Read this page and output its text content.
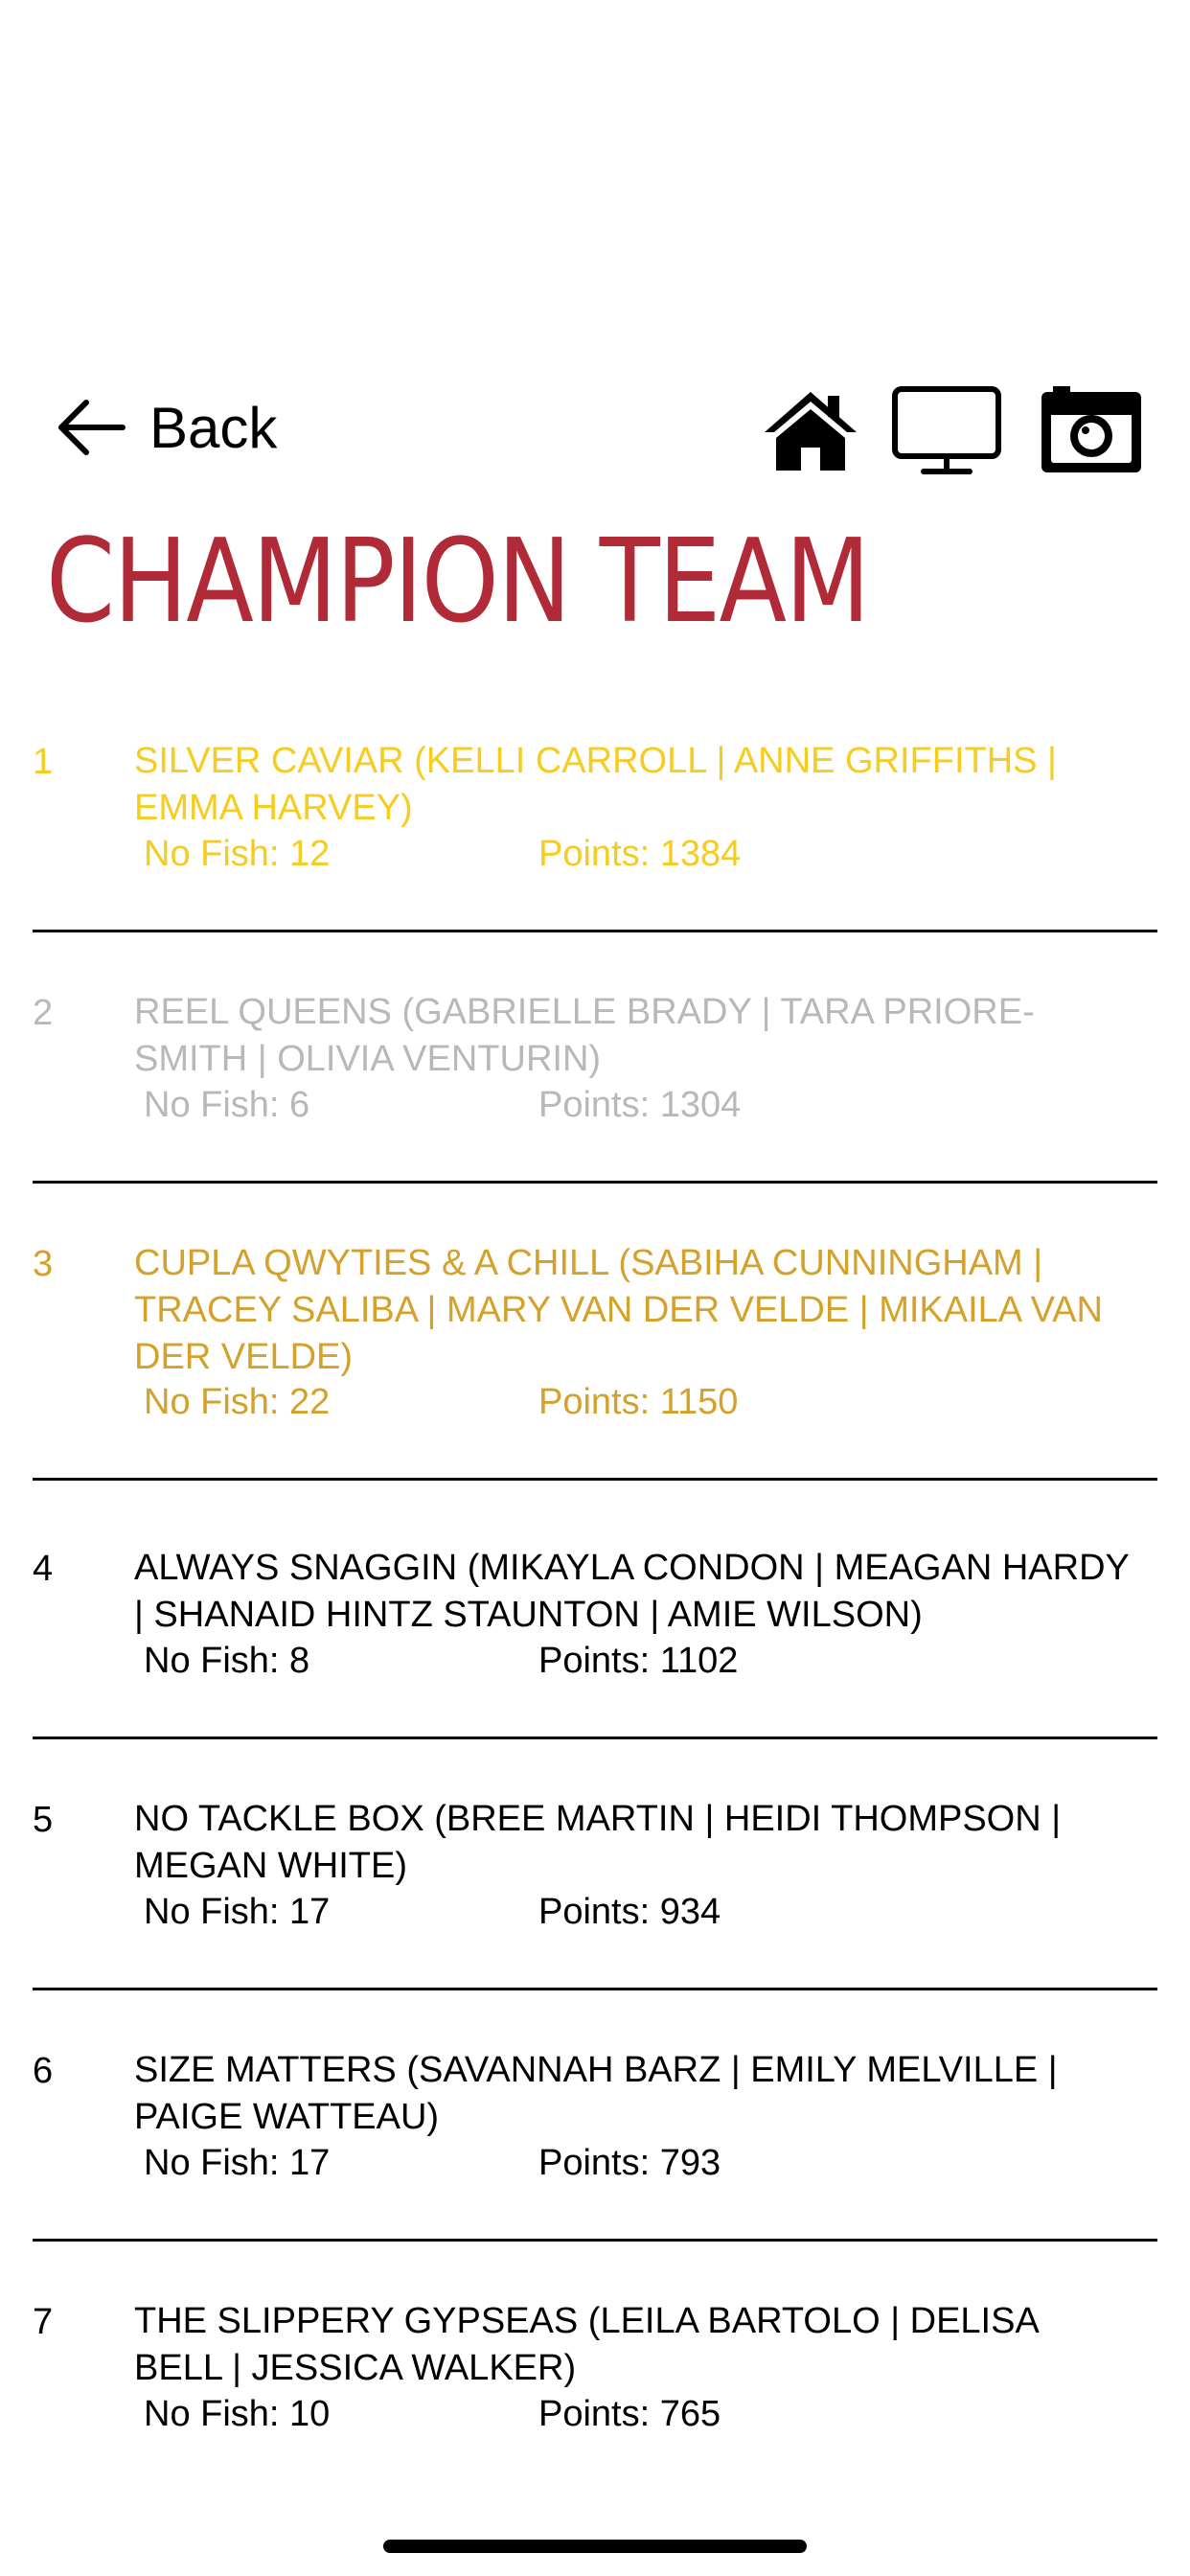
Back
CHAMPION TEAM
1 SILVER CAVIAR (KELLI CARROLL | ANNE GRIFFITHS | EMMA HARVEY)
No Fish: 12	Points: 1384
2 REEL QUEENS (GABRIELLE BRADY | TARA PRIORE-SMITH | OLIVIA VENTURIN)
No Fish: 6	Points: 1304
3 CUPLA QWYTIES & A CHILL (SABIHA CUNNINGHAM | TRACEY SALIBA | MARY VAN DER VELDE | MIKAILA VAN DER VELDE)
No Fish: 22	Points: 1150
4 ALWAYS SNAGGIN (MIKAYLA CONDON | MEAGAN HARDY | SHANAID HINTZ STAUNTON | AMIE WILSON)
No Fish: 8	Points: 1102
5 NO TACKLE BOX (BREE MARTIN | HEIDI THOMPSON | MEGAN WHITE)
No Fish: 17	Points: 934
6 SIZE MATTERS (SAVANNAH BARZ | EMILY MELVILLE | PAIGE WATTEAU)
No Fish: 17	Points: 793
7 THE SLIPPERY GYPSEAS (LEILA BARTOLO | DELISA BELL | JESSICA WALKER)
No Fish: 10	Points: 765
